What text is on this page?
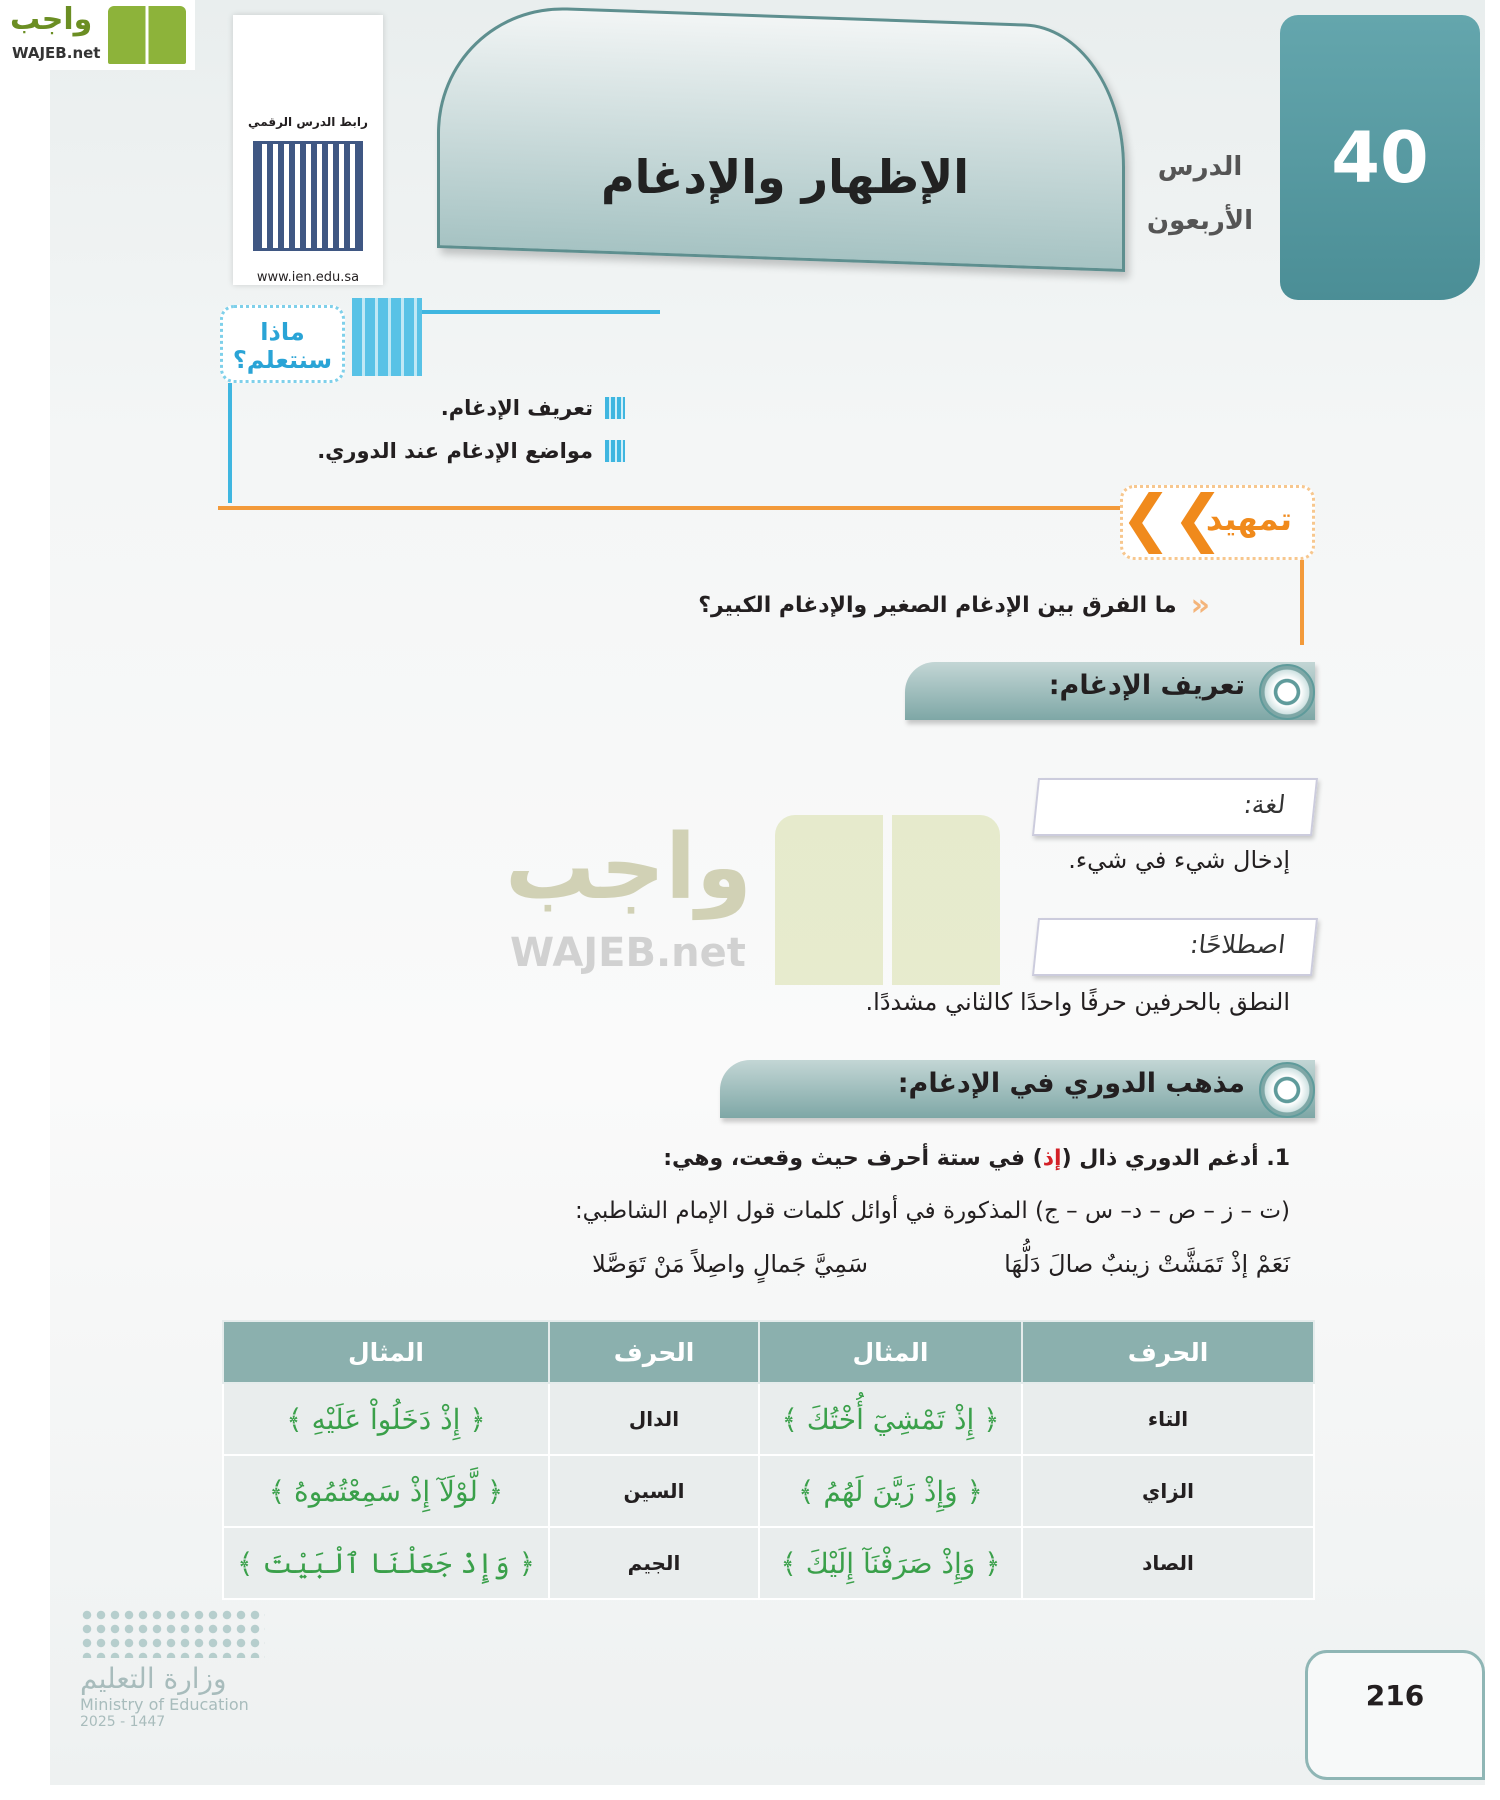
واجب
WAJEB.net
واجب
WAJEB.net
رابط الدرس الرقمي
www.ien.edu.sa
الإظهار والإدغام	الدرس
الأربعون
40
ماذا سنتعلم؟
تعريف الإدغام.
مواضع الإدغام عند الدوري.
تمهيد
❮❮
«
ما الفرق بين الإدغام الصغير والإدغام الكبير؟
تعريف الإدغام:
لغة:
إدخال شيء في شيء.
اصطلاحًا:
النطق بالحرفين حرفًا واحدًا كالثاني مشددًا.
مذهب الدوري في الإدغام:
1. أدغم الدوري ذال (إذ) في ستة أحرف حيث وقعت، وهي:
(ت – ز – ص – د– س – ج) المذكورة في أوائل كلمات قول الإمام الشاطبي:
نَعَمْ إذْ تَمَشَّتْ زينبٌ صالَ دَلُّهَا
سَمِيَّ جَمالٍ واصِلاً مَنْ تَوَصَّلا
الحرف	المثال	الحرف	المثال
التاء	﴿ إِذْ تَمْشِيٓ أُخْتُكَ ﴾	الدال	﴿ إِذْ دَخَلُواْ عَلَيْهِ ﴾
الزاي	﴿ وَإِذْ زَيَّنَ لَهُمُ ﴾	السين	﴿ لَّوْلَآ إِذْ سَمِعْتُمُوهُ ﴾
الصاد	﴿ وَإِذْ صَرَفْنَآ إِلَيْكَ ﴾	الجيم	﴿ وَإِذْ جَعَلْنَا ٱلْبَيْتَ ﴾
وزارة التعليم
Ministry of Education
2025 - 1447
216
